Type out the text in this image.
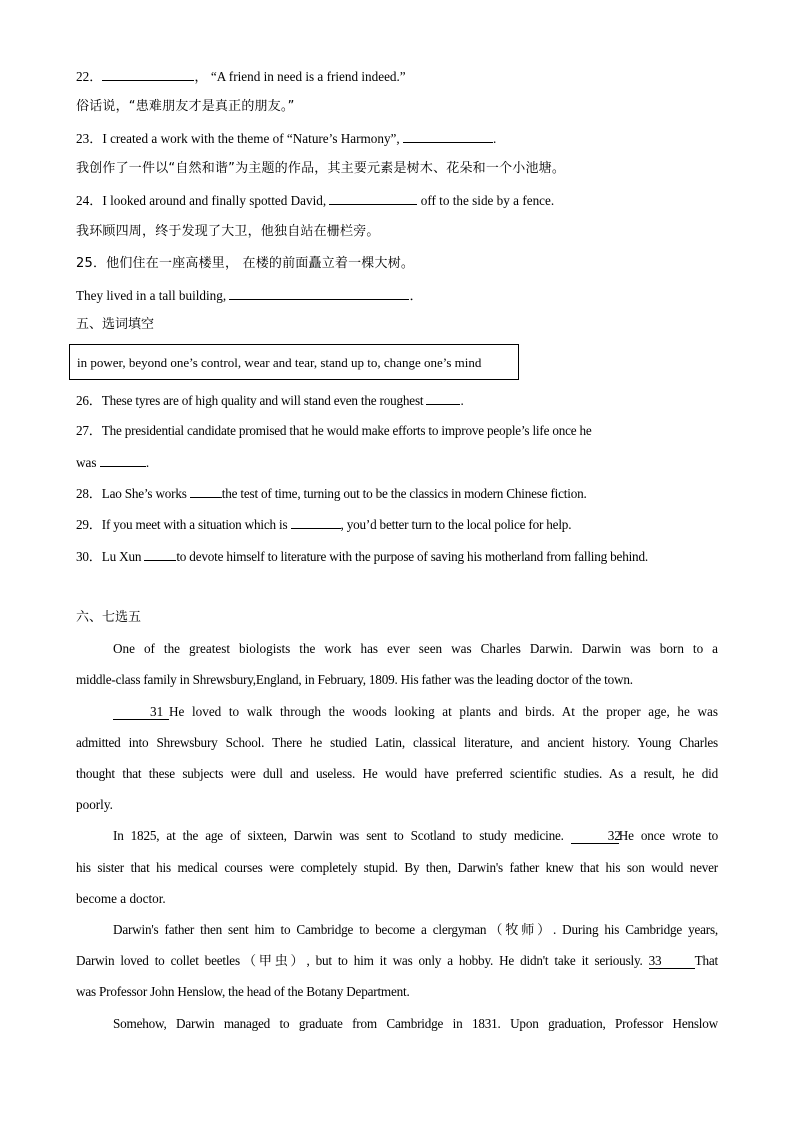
22．	， “A friend in need is a friend indeed.”
俗话说，“患难朋友才是真正的朋友。”
23．I created a work with the theme of “Nature’s Harmony”,	.
我创作了一件以“自然和谐”为主题的作品，其主要元素是树木、花朵和一个小池塘。
24．I looked around and finally spotted David,	off to the side by a fence.
我环顾四周，终于发现了大卫，他独自站在栅栏旁。
25．他们住在一座高楼里， 在楼的前面矗立着一棵大树。
They lived in a tall building,	．
五、选词填空
in power, beyond one’s control, wear and tear, stand up to, change one’s mind
26．These tyres are of high quality and will stand even the roughest	.
27．The presidential candidate promised that he would make efforts to improve people’s life once he
was	.
28．Lao She’s works the test of time, turning out to be the classics in modern Chinese fiction.
29．If you meet with a situation which is	, you’d better turn to the local police for help.
30．Lu Xun to devote himself to literature with the purpose of saving his motherland from falling behind.
六、七选五
One of the greatest biologists the work has ever seen was Charles Darwin. Darwin was born to a
middle-class family in Shrewsbury,England, in February, 1809. His father was the leading doctor of the town.
31 He loved to walk through the woods looking at plants and birds. At the proper age, he was
admitted into Shrewsbury School. There he studied Latin, classical literature, and ancient history. Young Charles
thought that these subjects were dull and useless. He would have preferred scientific studies. As a result, he did
poorly.
In 1825, at the age of sixteen, Darwin was sent to Scotland to study medicine.	32He once wrote to
his sister that his medical courses were completely stupid. By then, Darwin's father knew that his son would never
become a doctor.
Darwin's father then sent him to Cambridge to become a clergyman（牧师）. During his Cambridge years,
Darwin loved to collet beetles（甲虫）, but to him it was only a hobby. He didn't take it seriously. 33	That
was Professor John Henslow, the head of the Botany Department.
Somehow, Darwin managed to graduate from Cambridge in 1831. Upon graduation, Professor Henslow
